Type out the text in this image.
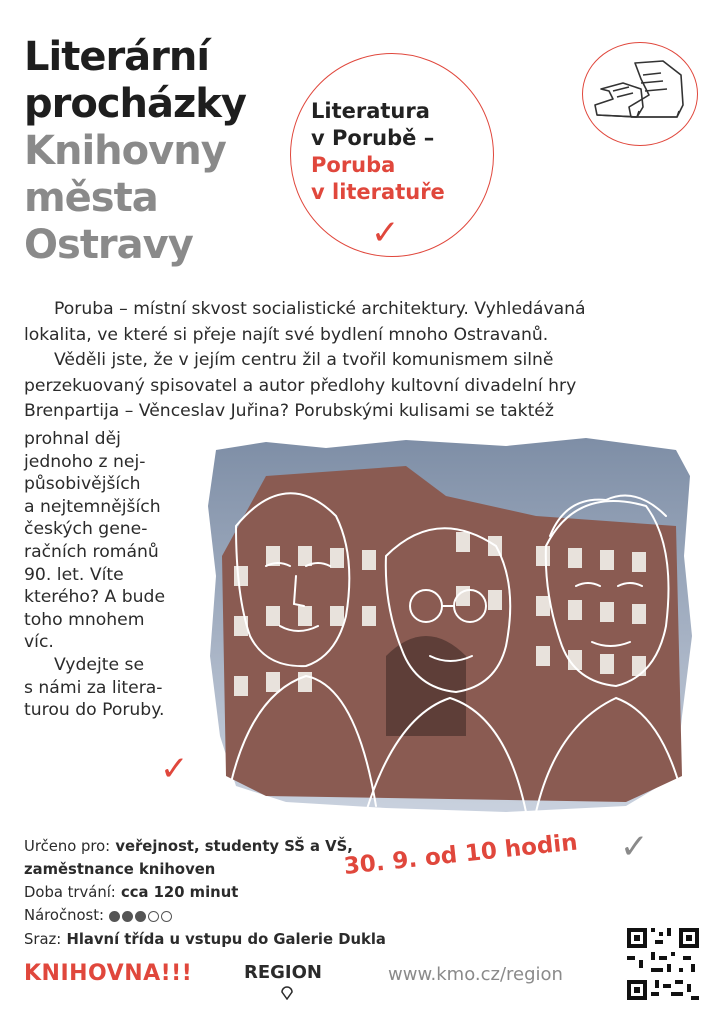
Literární
procházky
Knihovny
města
Ostravy
Literatura
v Porubě –
Poruba
v literatuře
✓
Poruba – místní skvost socialistické architektury. Vyhledávaná
lokalita, ve které si přeje najít své bydlení mnoho Ostravanů.
Věděli jste, že v jejím centru žil a tvořil komunismem silně
perzekuovaný spisovatel a autor předlohy kultovní divadelní hry
Brenpartija – Věnceslav Juřina? Porubskými kulisami se taktéž
prohnal děj
jednoho z nej-
působivějších
a nejtemnějších
českých gene-
račních románů
90. let. Víte
kterého? A bude
toho mnohem
víc.
Vydejte se
s námi za litera-
turou do Poruby.
✓
Určeno pro: veřejnost, studenty SŠ a VŠ,
zaměstnance knihoven
Doba trvání: cca 120 minut
Náročnost:
Sraz: Hlavní třída u vstupu do Galerie Dukla
30. 9. od 10 hodin ✓
KNIHOVNA!!!	REGION	www.kmo.cz/region
